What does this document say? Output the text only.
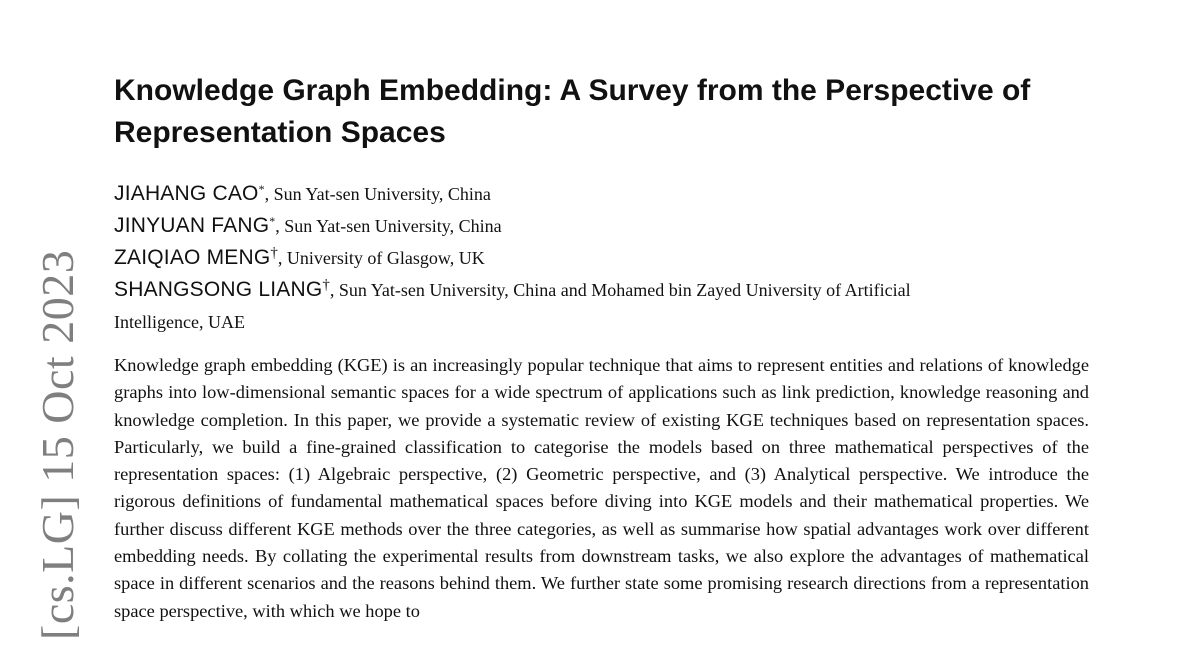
[cs.LG] 15 Oct 2023
Knowledge Graph Embedding: A Survey from the Perspective of Representation Spaces
JIAHANG CAO*, Sun Yat-sen University, China
JINYUAN FANG*, Sun Yat-sen University, China
ZAIQIAO MENG†, University of Glasgow, UK
SHANGSONG LIANG†, Sun Yat-sen University, China and Mohamed bin Zayed University of Artificial
Intelligence, UAE

Knowledge graph embedding (KGE) is an increasingly popular technique that aims to represent entities and relations of knowledge graphs into low-dimensional semantic spaces for a wide spectrum of applications such as link prediction, knowledge reasoning and knowledge completion. In this paper, we provide a systematic review of existing KGE techniques based on representation spaces. Particularly, we build a fine-grained classification to categorise the models based on three mathematical perspectives of the representation spaces: (1) Algebraic perspective, (2) Geometric perspective, and (3) Analytical perspective. We introduce the rigorous definitions of fundamental mathematical spaces before diving into KGE models and their mathematical properties. We further discuss different KGE methods over the three categories, as well as summarise how spatial advantages work over different embedding needs. By collating the experimental results from downstream tasks, we also explore the advantages of mathematical space in different scenarios and the reasons behind them. We further state some promising research directions from a representation space perspective, with which we hope to
